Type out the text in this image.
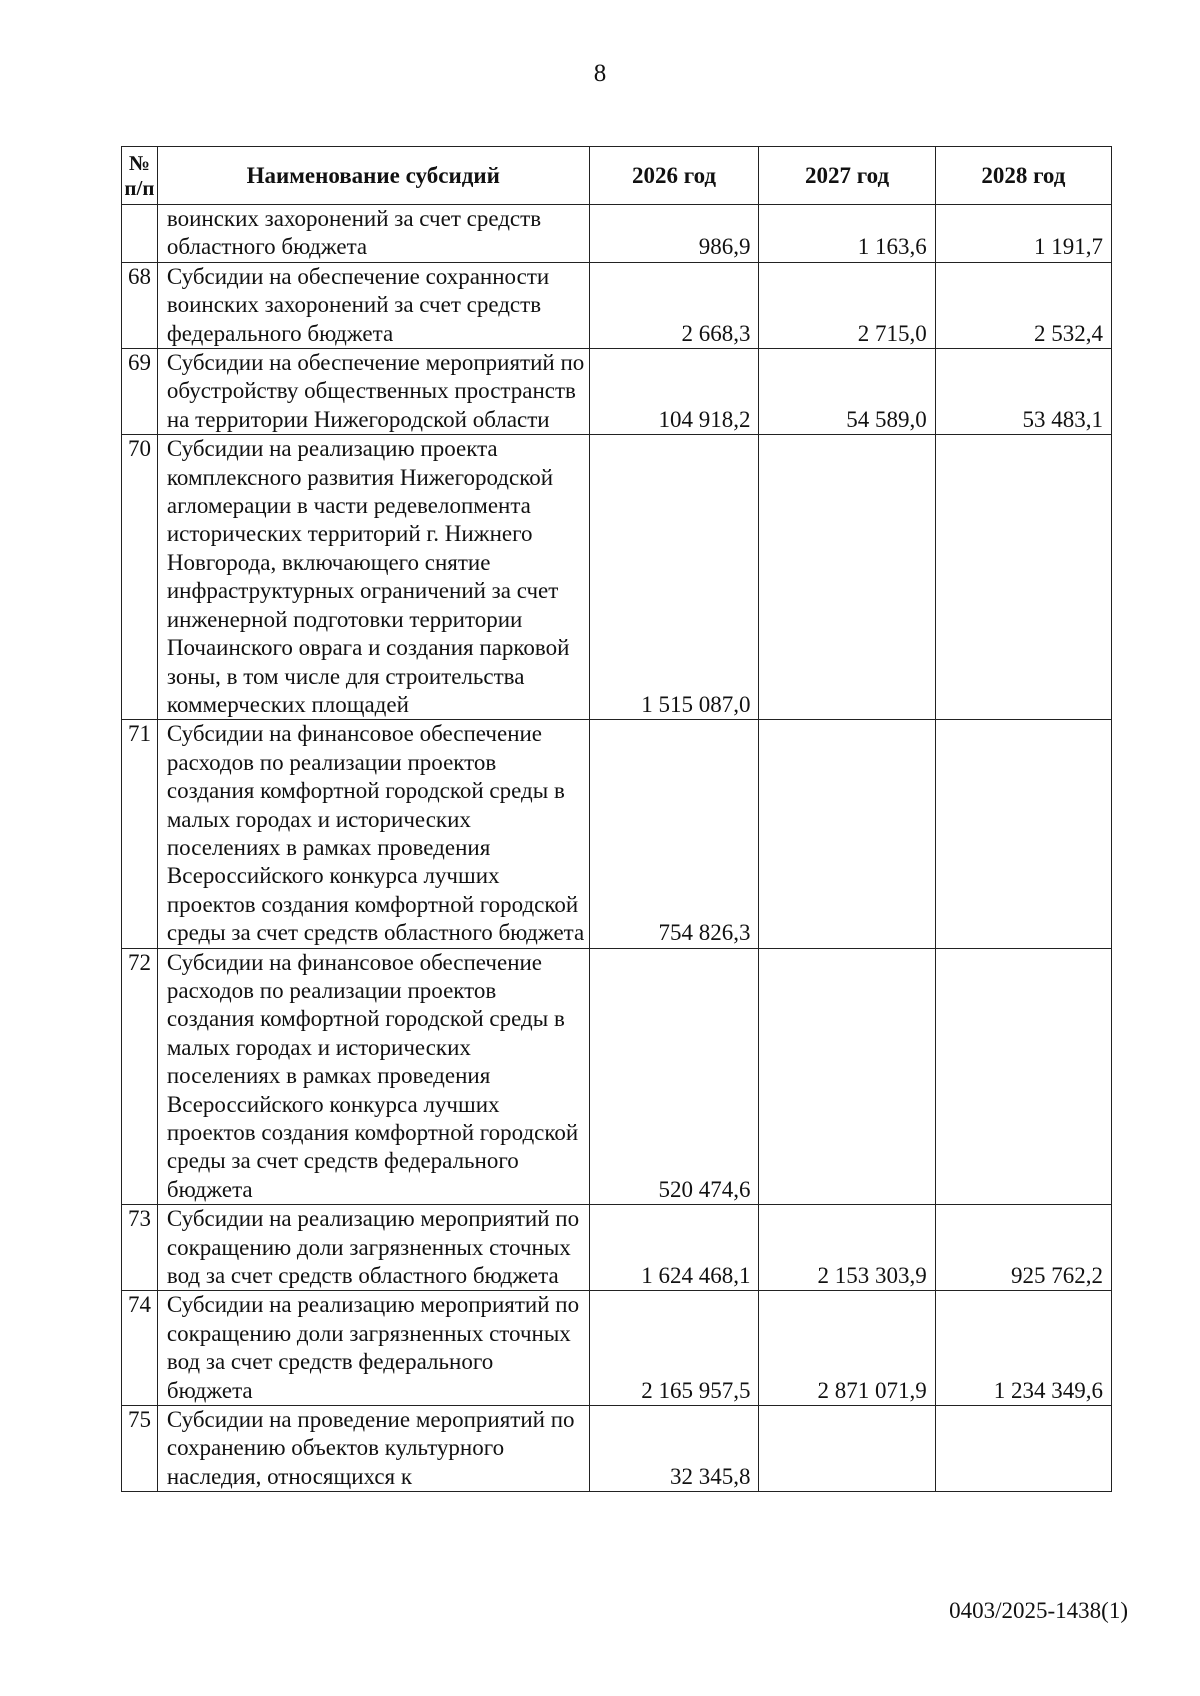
8
№ п/п	Наименование субсидий	2026 год	2027 год	2028 год
	воинских захоронений за счет средств областного бюджета	986,9	1 163,6	1 191,7
68	Субсидии на обеспечение сохранности воинских захоронений за счет средств федерального бюджета	2 668,3	2 715,0	2 532,4
69	Субсидии на обеспечение мероприятий по обустройству общественных пространств на территории Нижегородской области	104 918,2	54 589,0	53 483,1
70	Субсидии на реализацию проекта комплексного развития Нижегородской агломерации в части редевелопмента исторических территорий г. Нижнего Новгорода, включающего снятие инфраструктурных ограничений за счет инженерной подготовки территории Почаинского оврага и создания парковой зоны, в том числе для строительства коммерческих площадей	1 515 087,0		
71	Субсидии на финансовое обеспечение расходов по реализации проектов создания комфортной городской среды в малых городах и исторических поселениях в рамках проведения Всероссийского конкурса лучших проектов создания комфортной городской среды за счет средств областного бюджета	754 826,3		
72	Субсидии на финансовое обеспечение расходов по реализации проектов создания комфортной городской среды в малых городах и исторических поселениях в рамках проведения Всероссийского конкурса лучших проектов создания комфортной городской среды за счет средств федерального бюджета	520 474,6		
73	Субсидии на реализацию мероприятий по сокращению доли загрязненных сточных вод за счет средств областного бюджета	1 624 468,1	2 153 303,9	925 762,2
74	Субсидии на реализацию мероприятий по сокращению доли загрязненных сточных вод за счет средств федерального бюджета	2 165 957,5	2 871 071,9	1 234 349,6
75	Субсидии на проведение мероприятий по сохранению объектов культурного наследия, относящихся к	32 345,8		
0403/2025-1438(1)
